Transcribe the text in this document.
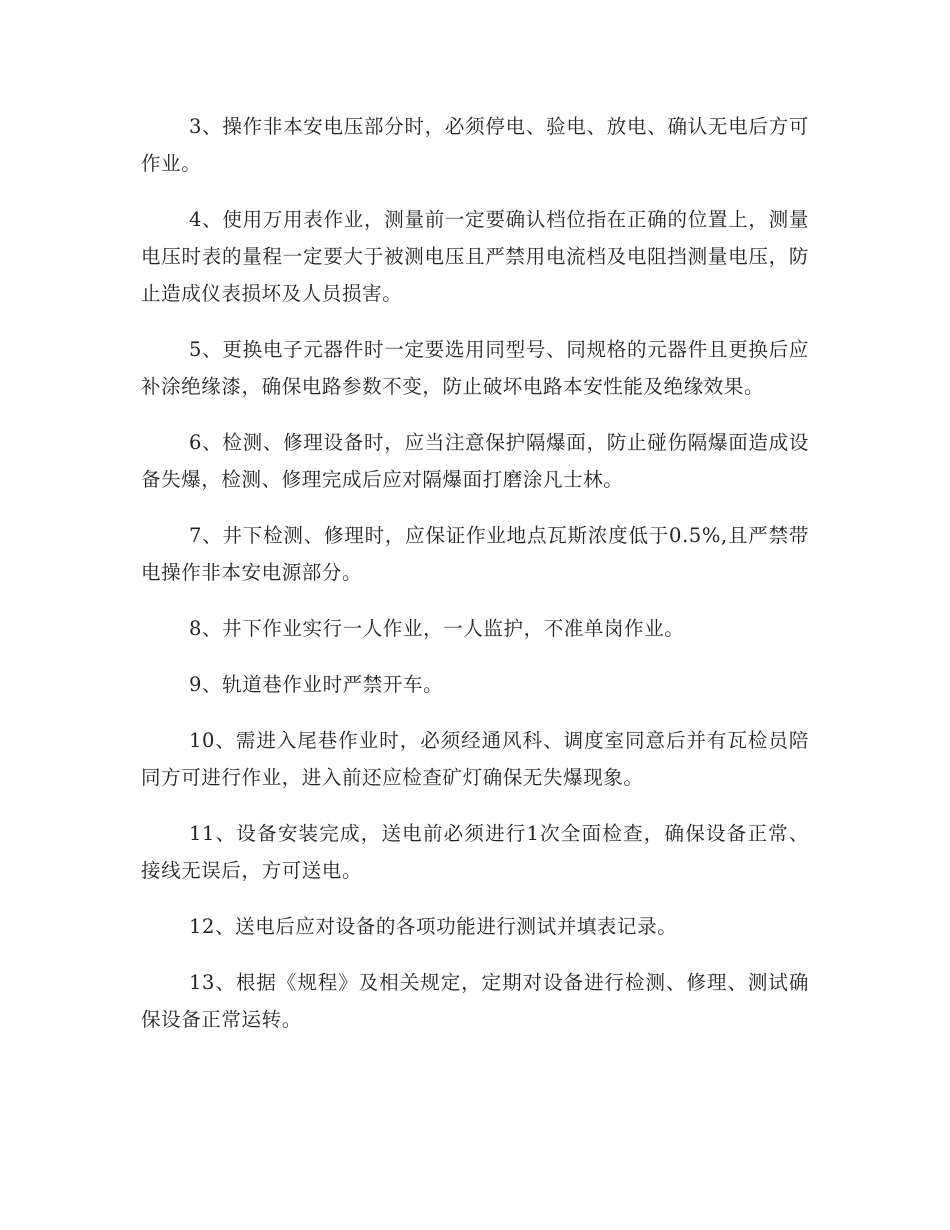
3、操作非本安电压部分时，必须停电、验电、放电、确认无电后方可作业。

4、使用万用表作业，测量前一定要确认档位指在正确的位置上，测量电压时表的量程一定要大于被测电压且严禁用电流档及电阻挡测量电压，防止造成仪表损坏及人员损害。

5、更换电子元器件时一定要选用同型号、同规格的元器件且更换后应补涂绝缘漆，确保电路参数不变，防止破坏电路本安性能及绝缘效果。

6、检测、修理设备时，应当注意保护隔爆面，防止碰伤隔爆面造成设备失爆，检测、修理完成后应对隔爆面打磨涂凡士林。

7、井下检测、修理时，应保证作业地点瓦斯浓度低于0.5%,且严禁带电操作非本安电源部分。

8、井下作业实行一人作业，一人监护，不准单岗作业。

9、轨道巷作业时严禁开车。

10、需进入尾巷作业时，必须经通风科、调度室同意后并有瓦检员陪同方可进行作业，进入前还应检查矿灯确保无失爆现象。

11、设备安装完成，送电前必须进行1次全面检查，确保设备正常、接线无误后，方可送电。

12、送电后应对设备的各项功能进行测试并填表记录。

13、根据《规程》及相关规定，定期对设备进行检测、修理、测试确保设备正常运转。
